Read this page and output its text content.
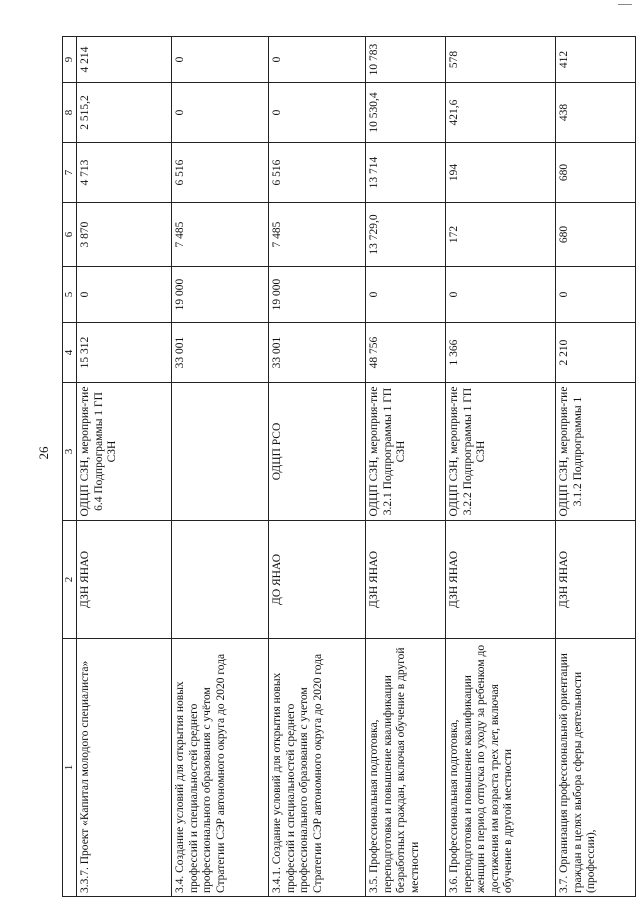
26
1	2	3	4	5	6	7	8	9
3.3.7. Проект «Капитал молодого специалиста»	ДЗН ЯНАО	ОДЦП СЗН, мероприя-тие 6.4 Подпрограммы 1 ГП СЗН	15 312	0	3 870	4 713	2 515,2	4 214
3.4. Создание условий для открытия новых профессий и специальностей среднего профессионального образования с учётом Стратегии СЭР автономного округа до 2020 года			33 001	19 000	7 485	6 516	0	0
3.4.1. Создание условий для открытия новых профессий и специальностей среднего профессионального образования с учетом Стратегии СЭР автономного округа до 2020 года	ДО ЯНАО	ОДЦП РСО	33 001	19 000	7 485	6 516	0	0
3.5. Профессиональная подготовка, переподготовка и повышение квалификации безработных граждан, включая обучение в другой местности	ДЗН ЯНАО	ОДЦП СЗН, мероприя-тие 3.2.1 Подпрограммы 1 ГП СЗН	48 756	0	13 729,0	13 714	10 530,4	10 783
3.6. Профессиональная подготовка, переподготовка и повышение квалификации женщин в период отпуска по уходу за ребенком до достижения им возраста трех лет, включая обучение в другой местности	ДЗН ЯНАО	ОДЦП СЗН, мероприя-тие 3.2.2 Подпрограммы 1 ГП СЗН	1 366	0	172	194	421,6	578
3.7. Организация профессиональной ориентации граждан в целях выбора сферы деятельности (профессии),	ДЗН ЯНАО	ОДЦП СЗН, мероприя-тие 3.1.2 Подпрограммы 1	2 210	0	680	680	438	412
